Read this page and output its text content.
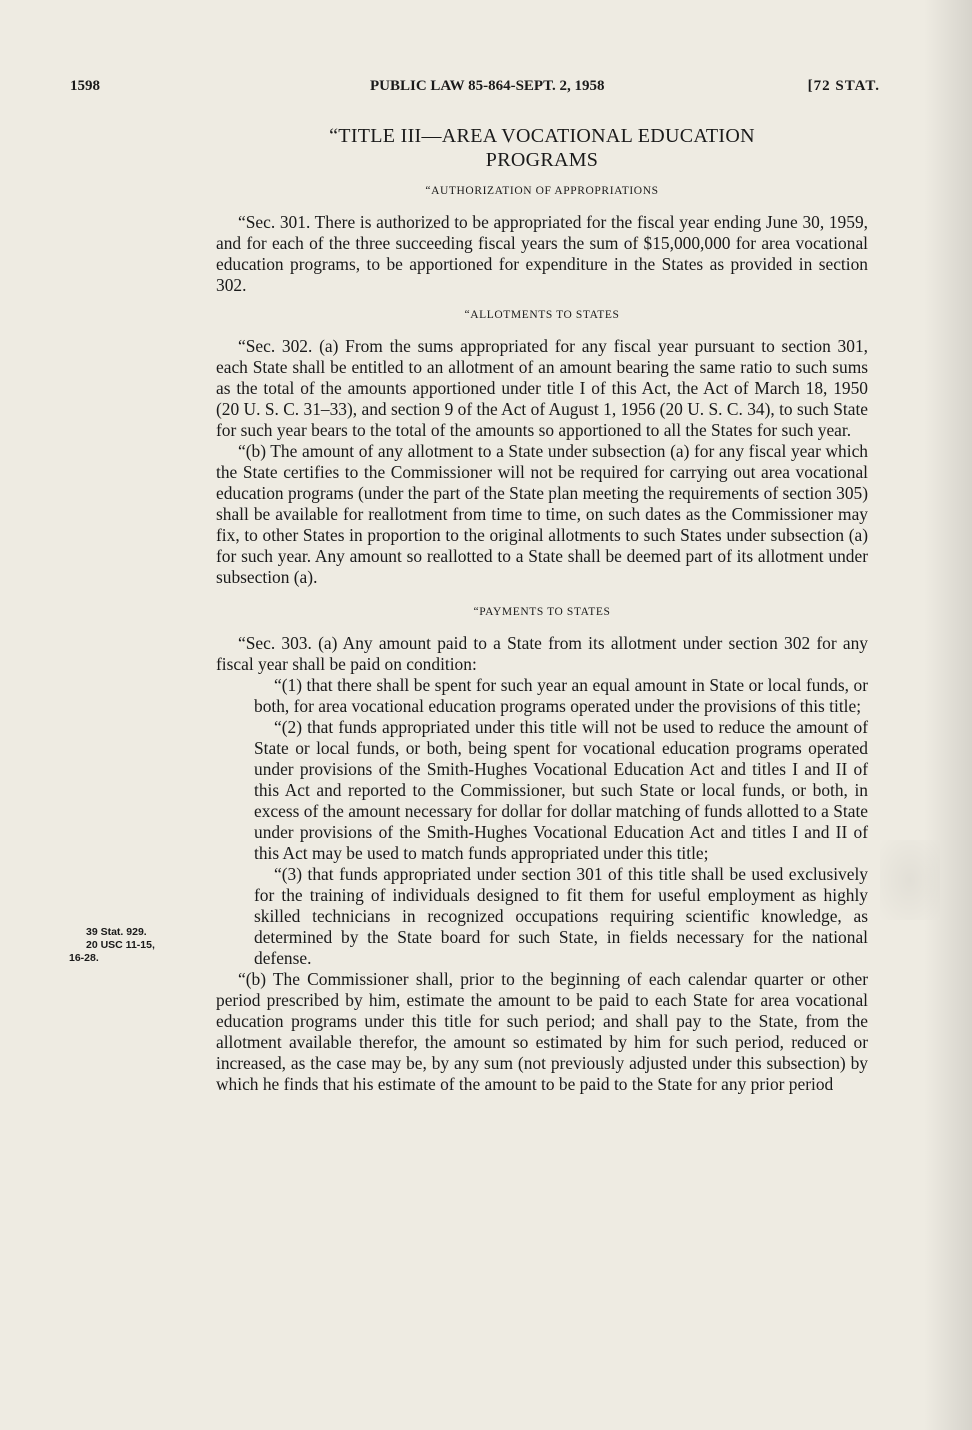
1598	PUBLIC LAW 85-864-SEPT. 2, 1958	[72 STAT.

39 Stat. 929.

20 USC 11-15,

16-28.

“TITLE III—AREA VOCATIONAL EDUCATION

PROGRAMS

“AUTHORIZATION OF APPROPRIATIONS

“Sec. 301. There is authorized to be appropriated for the fiscal year ending June 30, 1959, and for each of the three succeeding fiscal years the sum of $15,000,000 for area vocational education programs, to be apportioned for expenditure in the States as provided in section 302.

“ALLOTMENTS TO STATES

“Sec. 302. (a) From the sums appropriated for any fiscal year pursuant to section 301, each State shall be entitled to an allotment of an amount bearing the same ratio to such sums as the total of the amounts apportioned under title I of this Act, the Act of March 18, 1950 (20 U. S. C. 31–33), and section 9 of the Act of August 1, 1956 (20 U. S. C. 34), to such State for such year bears to the total of the amounts so apportioned to all the States for such year.

“(b) The amount of any allotment to a State under subsection (a) for any fiscal year which the State certifies to the Commissioner will not be required for carrying out area vocational education programs (under the part of the State plan meeting the requirements of section 305) shall be available for reallotment from time to time, on such dates as the Commissioner may fix, to other States in proportion to the original allotments to such States under subsection (a) for such year. Any amount so reallotted to a State shall be deemed part of its allotment under subsection (a).

“PAYMENTS TO STATES

“Sec. 303. (a) Any amount paid to a State from its allotment under section 302 for any fiscal year shall be paid on condition:

“(1) that there shall be spent for such year an equal amount in State or local funds, or both, for area vocational education programs operated under the provisions of this title;

“(2) that funds appropriated under this title will not be used to reduce the amount of State or local funds, or both, being spent for vocational education programs operated under provisions of the Smith-Hughes Vocational Education Act and titles I and II of this Act and reported to the Commissioner, but such State or local funds, or both, in excess of the amount necessary for dollar for dollar matching of funds allotted to a State under provisions of the Smith-Hughes Vocational Education Act and titles I and II of this Act may be used to match funds appropriated under this title;

“(3) that funds appropriated under section 301 of this title shall be used exclusively for the training of individuals designed to fit them for useful employment as highly skilled technicians in recognized occupations requiring scientific knowledge, as determined by the State board for such State, in fields necessary for the national defense.

“(b) The Commissioner shall, prior to the beginning of each calendar quarter or other period prescribed by him, estimate the amount to be paid to each State for area vocational education programs under this title for such period; and shall pay to the State, from the allotment available therefor, the amount so estimated by him for such period, reduced or increased, as the case may be, by any sum (not previously adjusted under this subsection) by which he finds that his estimate of the amount to be paid to the State for any prior period
